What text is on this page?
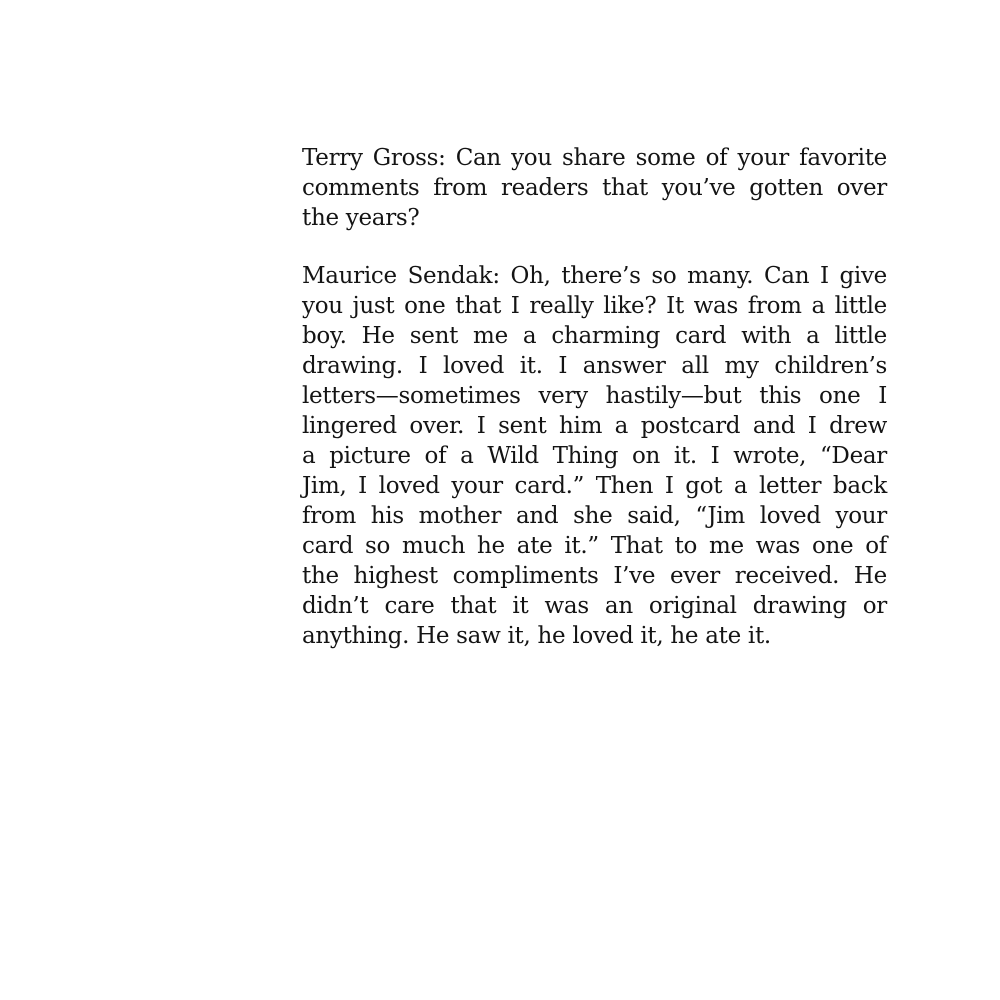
Terry Gross: Can you share some of your favorite
comments from readers that you’ve gotten over
the years?

Maurice Sendak: Oh, there’s so many. Can I give
you just one that I really like? It was from a little
boy. He sent me a charming card with a little
drawing. I loved it. I answer all my children’s
letters—sometimes very hastily—but this one I
lingered over. I sent him a postcard and I drew
a picture of a Wild Thing on it. I wrote, “Dear
Jim, I loved your card.” Then I got a letter back
from his mother and she said, “Jim loved your
card so much he ate it.” That to me was one of
the highest compliments I’ve ever received. He
didn’t care that it was an original drawing or
anything. He saw it, he loved it, he ate it.
